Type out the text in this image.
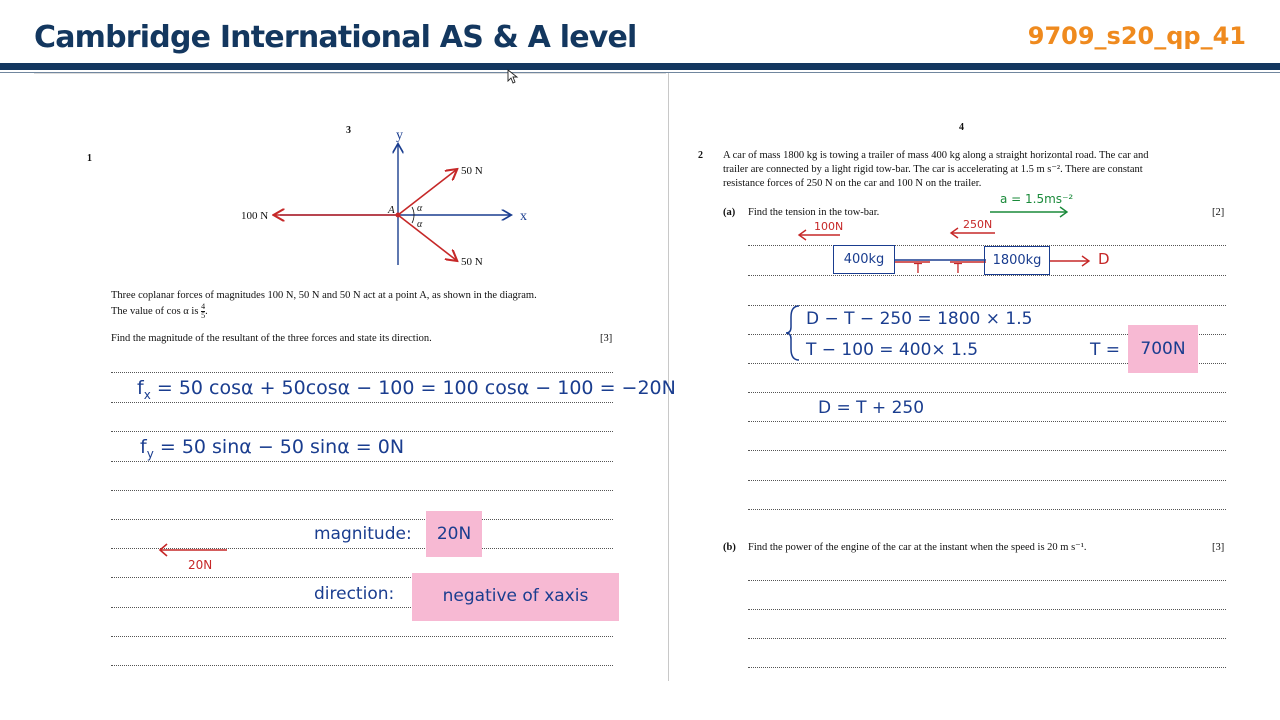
Cambridge International AS & A level	9709_s20_qp_41
3
1
100 N
50 N
50 N
A α
α
y
x
Three coplanar forces of magnitudes 100 N, 50 N and 50 N act at a point A, as shown in the diagram.
The value of cos α is $\frac{4}{5}$ .
Find the magnitude of the resultant of the three forces and state its direction.	[3]
$f_x = 50$ cosα + 50cosα − 100 = 100 cosα − 100 = −20N
$f_y = 50$ sinα − 50 sinα = 0N
magnitude:	20N
direction:	negative of xaxis
20N
4
2 A car of mass 1800 kg is towing a trailer of mass 400 kg along a straight horizontal road. The car and
trailer are connected by a light rigid tow-bar. The car is accelerating at 1.5 m s⁻². There are constant
resistance forces of 250 N on the car and 100 N on the trailer.
(a) Find the tension in the tow-bar.	[2]
(b) Find the power of the engine of the car at the instant when the speed is 20 m s⁻¹.	[3]
a = 1.5ms⁻²
100N	250N
400kg	1800kg
T T
D
D − T − 250 = 1800 × 1.5
T − 100 = 400× 1.5	T =	700N
D = T + 250
